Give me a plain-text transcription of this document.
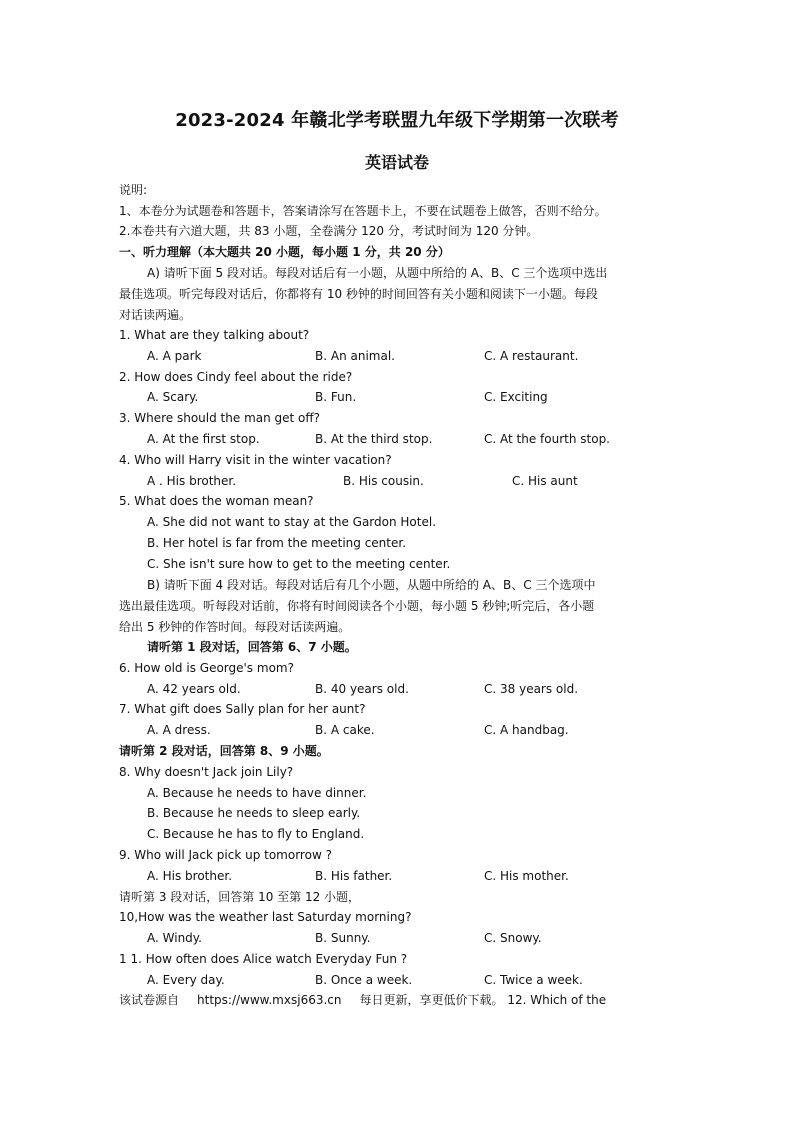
2023-2024 年赣北学考联盟九年级下学期第一次联考
英语试卷
说明:
1、本卷分为试题卷和答题卡，答案请涂写在答题卡上，不要在试题卷上做答，否则不给分。
2.本卷共有六道大题，共 83 小题，全卷满分 120 分，考试时间为 120 分钟。
一、听力理解（本大题共 20 小题，每小题 1 分，共 20 分）
A) 请听下面 5 段对话。每段对话后有一小题，从题中所给的 A、B、C 三个选项中选出
最佳选项。听完每段对话后，你都将有 10 秒钟的时间回答有关小题和阅读下一小题。每段
对话读两遍。
1. What are they talking about?
A. A park	B. An animal.	C. A restaurant.
2. How does Cindy feel about the ride?
A. Scary.	B. Fun.	C. Exciting
3. Where should the man get off?
A. At the first stop.	B. At the third stop.	C. At the fourth stop.
4. Who will Harry visit in the winter vacation?
A . His brother.	B. His cousin.	C. His aunt
5. What does the woman mean?
A. She did not want to stay at the Gardon Hotel.
B. Her hotel is far from the meeting center.
C. She isn't sure how to get to the meeting center.
B) 请听下面 4 段对话。每段对话后有几个小题，从题中所给的 A、B、C 三个选项中
选出最佳选项。听每段对话前，你将有时间阅读各个小题，每小题 5 秒钟;听完后，各小题
给出 5 秒钟的作答时间。每段对话读两遍。
请听第 1 段对话，回答第 6、7 小题。
6. How old is George's mom?
A. 42 years old.	B. 40 years old.	C. 38 years old.
7. What gift does Sally plan for her aunt?
A. A dress.	B. A cake.	C. A handbag.
请听第 2 段对话，回答第 8、9 小题。
8. Why doesn't Jack join Lily?
A. Because he needs to have dinner.
B. Because he needs to sleep early.
C. Because he has to fly to England.
9. Who will Jack pick up tomorrow ?
A. His brother.	B. His father.	C. His mother.
请听第 3 段对话，回答第 10 至第 12 小题，
10,How was the weather last Saturday morning?
A. Windy.	B. Sunny.	C. Snowy.
1 1. How often does Alice watch Everyday Fun ?
A. Every day.	B. Once a week.	C. Twice a week.
该试卷源自 https://www.mxsj663.cn 每日更新，享更低价下载。 12. Which of the
